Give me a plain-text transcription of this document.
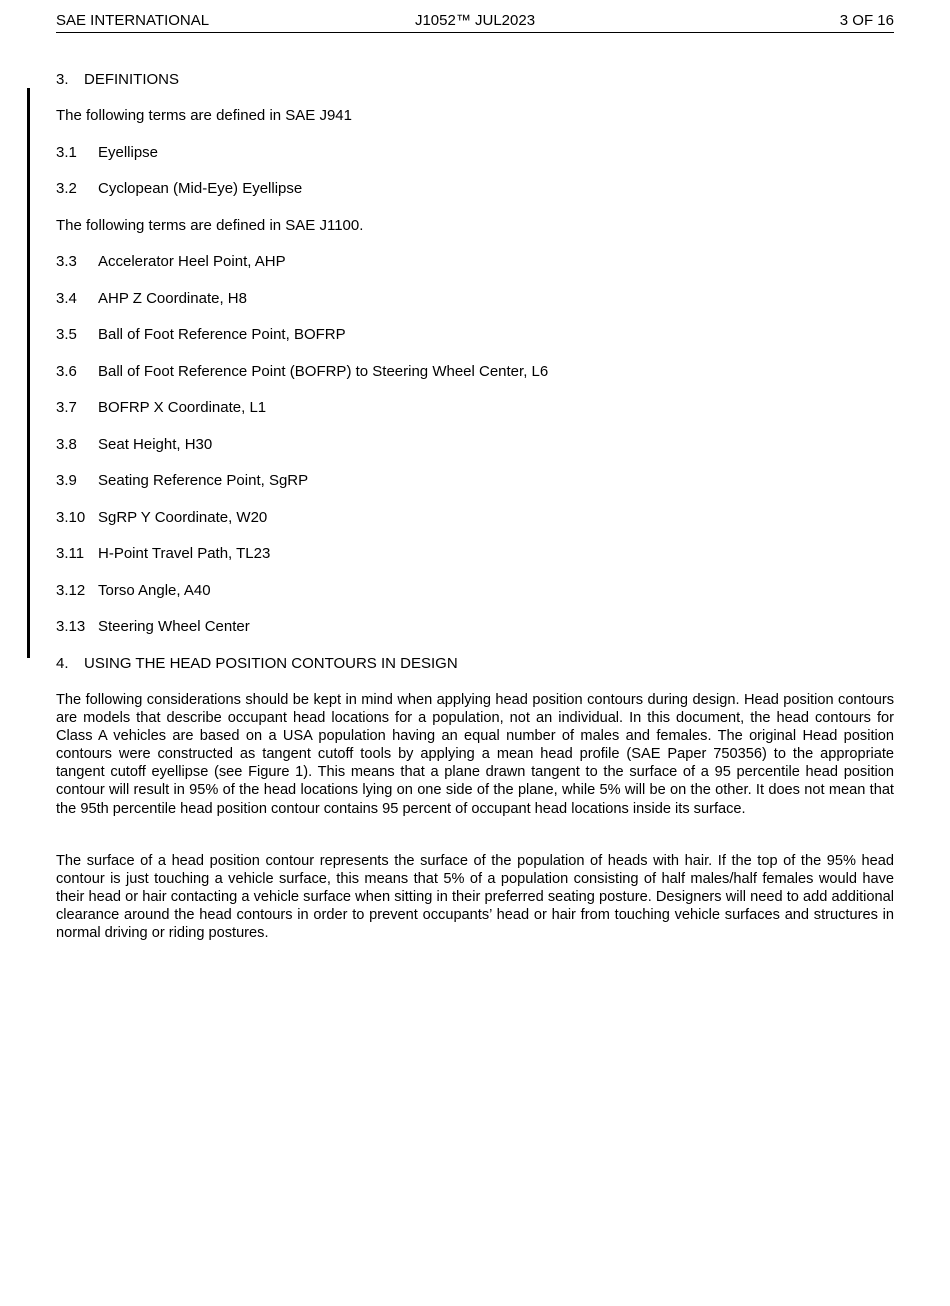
SAE INTERNATIONAL	J1052™ JUL2023	3 OF 16
3. DEFINITIONS
The following terms are defined in SAE J941
3.1 Eyellipse
3.2 Cyclopean (Mid-Eye) Eyellipse
The following terms are defined in SAE J1100.
3.3 Accelerator Heel Point, AHP
3.4 AHP Z Coordinate, H8
3.5 Ball of Foot Reference Point, BOFRP
3.6 Ball of Foot Reference Point (BOFRP) to Steering Wheel Center, L6
3.7 BOFRP X Coordinate, L1
3.8 Seat Height, H30
3.9 Seating Reference Point, SgRP
3.10 SgRP Y Coordinate, W20
3.11 H-Point Travel Path, TL23
3.12 Torso Angle, A40
3.13 Steering Wheel Center
4. USING THE HEAD POSITION CONTOURS IN DESIGN
The following considerations should be kept in mind when applying head position contours during design. Head position contours are models that describe occupant head locations for a population, not an individual. In this document, the head contours for Class A vehicles are based on a USA population having an equal number of males and females. The original Head position contours were constructed as tangent cutoff tools by applying a mean head profile (SAE Paper 750356) to the appropriate tangent cutoff eyellipse (see Figure 1). This means that a plane drawn tangent to the surface of a 95 percentile head position contour will result in 95% of the head locations lying on one side of the plane, while 5% will be on the other. It does not mean that the 95th percentile head position contour contains 95 percent of occupant head locations inside its surface.
The surface of a head position contour represents the surface of the population of heads with hair. If the top of the 95% head contour is just touching a vehicle surface, this means that 5% of a population consisting of half males/half females would have their head or hair contacting a vehicle surface when sitting in their preferred seating posture. Designers will need to add additional clearance around the head contours in order to prevent occupants’ head or hair from touching vehicle surfaces and structures in normal driving or riding postures.
